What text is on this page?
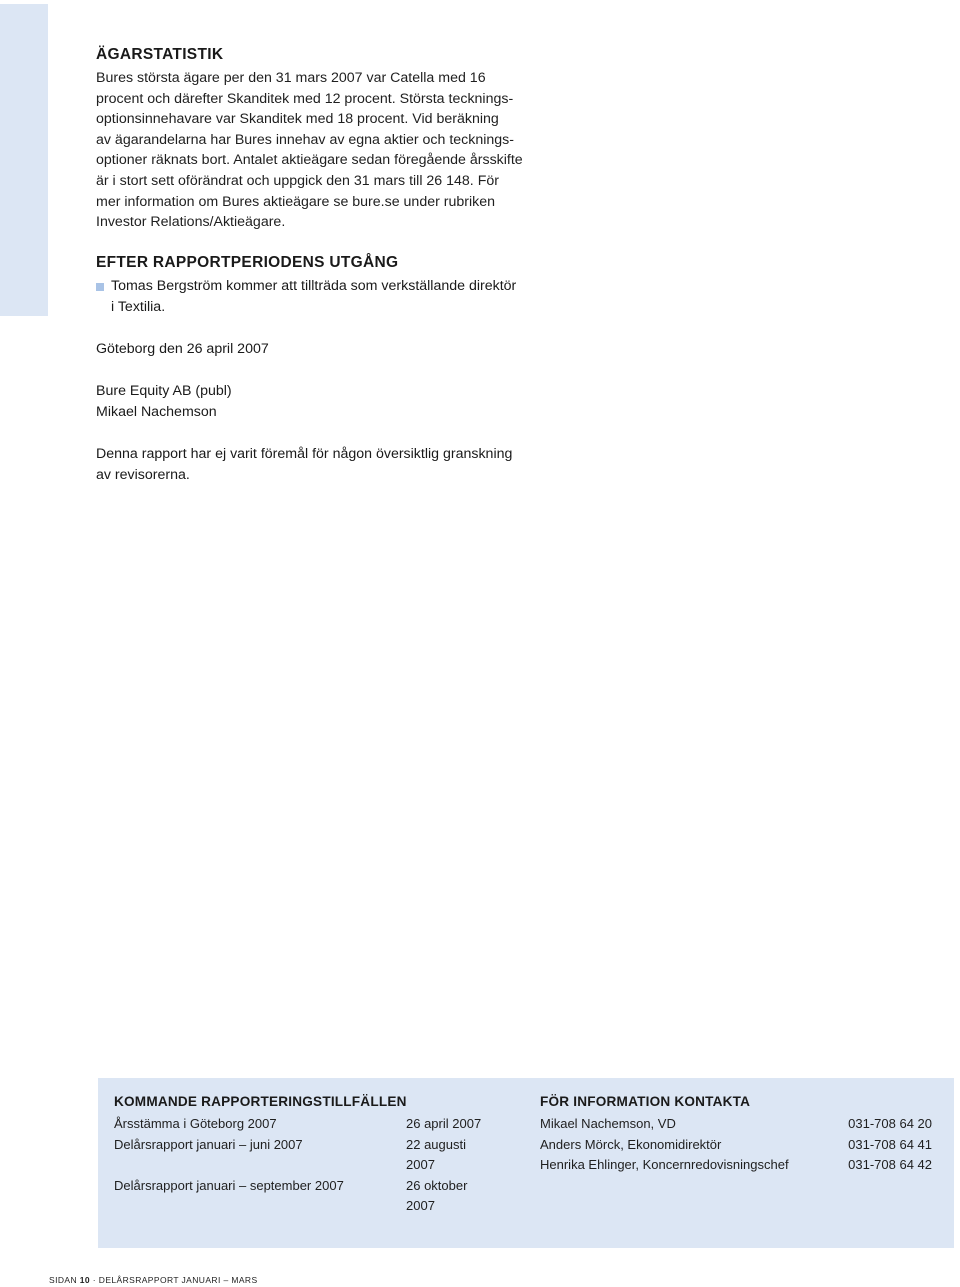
ÄGARSTATISTIK
Bures största ägare per den 31 mars 2007 var Catella med 16
procent och därefter Skanditek med 12 procent. Största tecknings-
optionsinnehavare var Skanditek med 18 procent. Vid beräkning
av ägarandelarna har Bures innehav av egna aktier och tecknings-
optioner räknats bort. Antalet aktieägare sedan föregående årsskifte
är i stort sett oförändrat och uppgick den 31 mars till 26 148. För
mer information om Bures aktieägare se bure.se under rubriken
Investor Relations/Aktieägare.
EFTER RAPPORTPERIODENS UTGÅNG
Tomas Bergström kommer att tillträda som verkställande direktör
i Textilia.
Göteborg den 26 april 2007
Bure Equity AB (publ)
Mikael Nachemson
Denna rapport har ej varit föremål för någon översiktlig granskning
av revisorerna.
KOMMANDE RAPPORTERINGSTILLFÄLLEN
Årsstämma i Göteborg 2007	26 april 2007
Delårsrapport januari – juni 2007	22 augusti 2007
Delårsrapport januari – september 2007	26 oktober 2007
FÖR INFORMATION KONTAKTA
Mikael Nachemson, VD	031-708 64 20
Anders Mörck, Ekonomidirektör	031-708 64 41
Henrika Ehlinger, Koncernredovisningschef	031-708 64 42
SIDAN 10 · DELÅRSRAPPORT JANUARI – MARS
